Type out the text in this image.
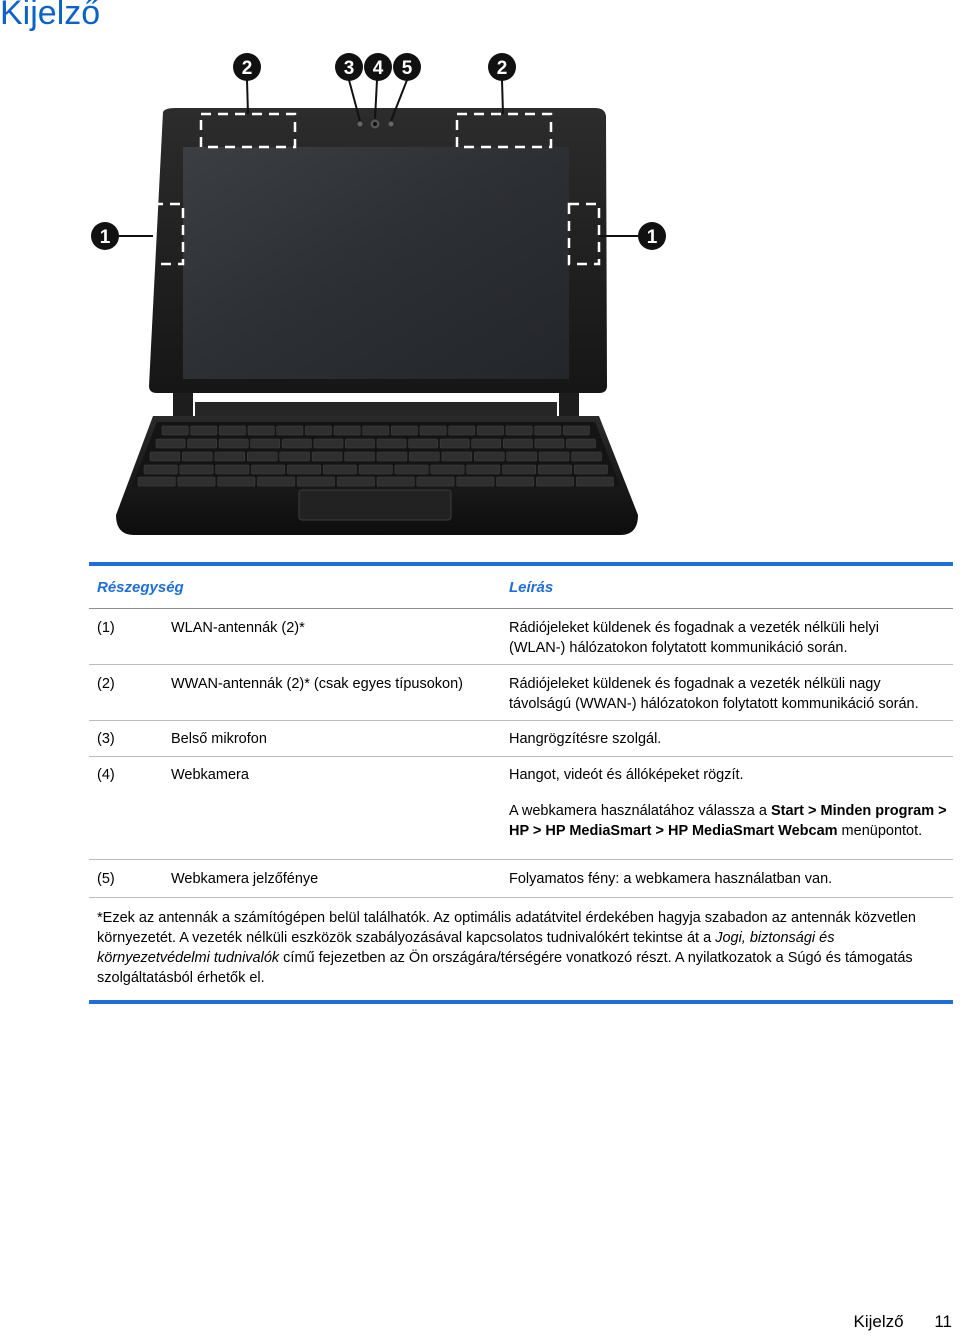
Kijelző
1	1
2	2
3 4 5
Részegység	Leírás
(1)	WLAN-antennák (2)*	Rádiójeleket küldenek és fogadnak a vezeték nélküli helyi

(WLAN-) hálózatokon folytatott kommunikáció során.

(2)	WWAN-antennák (2)* (csak egyes típusokon)	Rádiójeleket küldenek és fogadnak a vezeték nélküli nagy

távolságú (WWAN-) hálózatokon folytatott kommunikáció során.

(3)	Belső mikrofon	Hangrögzítésre szolgál.

(4)	Webkamera	Hangot, videót és állóképeket rögzít.

A webkamera használatához válassza a Start > Minden program > HP > HP MediaSmart > HP MediaSmart Webcam menüpontot.

(5)	Webkamera jelzőfénye	Folyamatos fény: a webkamera használatban van.

*Ezek az antennák a számítógépen belül találhatók. Az optimális adatátvitel érdekében hagyja szabadon az antennák közvetlen környezetét. A vezeték nélküli eszközök szabályozásával kapcsolatos tudnivalókért tekintse át a Jogi, biztonsági és környezetvédelmi tudnivalók című fejezetben az Ön országára/térségére vonatkozó részt. A nyilatkozatok a Súgó és támogatás szolgáltatásból érhetők el.
Kijelző 11
